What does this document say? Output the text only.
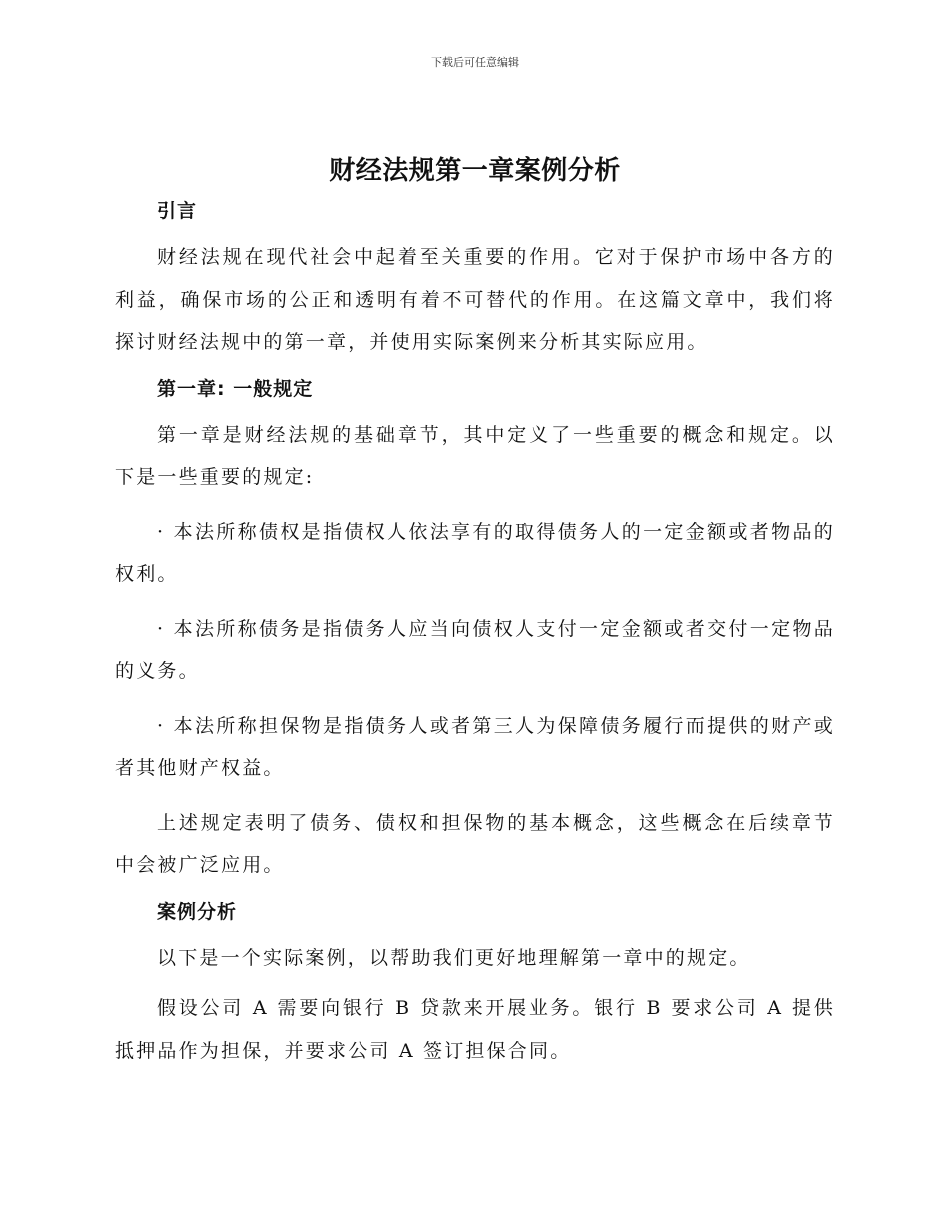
下载后可任意编辑
财经法规第一章案例分析

引言

财经法规在现代社会中起着至关重要的作用。它对于保护市场中各方的利益，确保市场的公正和透明有着不可替代的作用。在这篇文章中，我们将探讨财经法规中的第一章，并使用实际案例来分析其实际应用。

第一章: 一般规定

第一章是财经法规的基础章节，其中定义了一些重要的概念和规定。以下是一些重要的规定:

· 本法所称债权是指债权人依法享有的取得债务人的一定金额或者物品的权利。

· 本法所称债务是指债务人应当向债权人支付一定金额或者交付一定物品的义务。

· 本法所称担保物是指债务人或者第三人为保障债务履行而提供的财产或者其他财产权益。

上述规定表明了债务、债权和担保物的基本概念，这些概念在后续章节中会被广泛应用。

案例分析

以下是一个实际案例，以帮助我们更好地理解第一章中的规定。

假设公司 A 需要向银行 B 贷款来开展业务。银行 B 要求公司 A 提供抵押品作为担保，并要求公司 A 签订担保合同。
